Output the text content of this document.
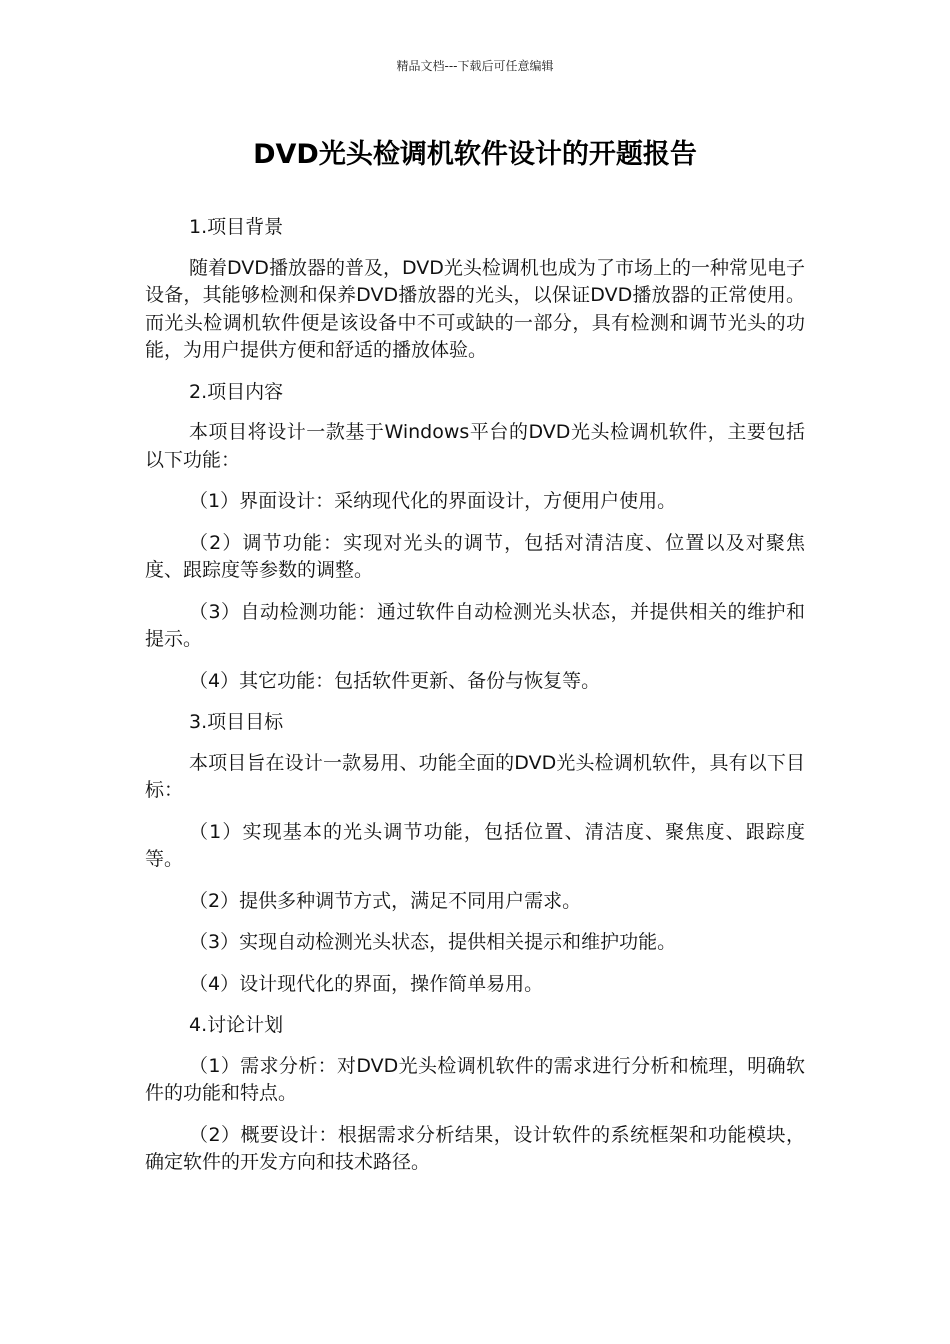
精品文档---下载后可任意编辑
DVD光头检调机软件设计的开题报告

1.项目背景

随着DVD播放器的普及，DVD光头检调机也成为了市场上的一种常见电子设备，其能够检测和保养DVD播放器的光头，以保证DVD播放器的正常使用。而光头检调机软件便是该设备中不可或缺的一部分，具有检测和调节光头的功能，为用户提供方便和舒适的播放体验。

2.项目内容

本项目将设计一款基于Windows平台的DVD光头检调机软件，主要包括以下功能：

（1）界面设计：采纳现代化的界面设计，方便用户使用。

（2）调节功能：实现对光头的调节，包括对清洁度、位置以及对聚焦度、跟踪度等参数的调整。

（3）自动检测功能：通过软件自动检测光头状态，并提供相关的维护和提示。

（4）其它功能：包括软件更新、备份与恢复等。

3.项目目标

本项目旨在设计一款易用、功能全面的DVD光头检调机软件，具有以下目标：

（1）实现基本的光头调节功能，包括位置、清洁度、聚焦度、跟踪度等。

（2）提供多种调节方式，满足不同用户需求。

（3）实现自动检测光头状态，提供相关提示和维护功能。

（4）设计现代化的界面，操作简单易用。

4.讨论计划

（1）需求分析：对DVD光头检调机软件的需求进行分析和梳理，明确软件的功能和特点。

（2）概要设计：根据需求分析结果，设计软件的系统框架和功能模块，确定软件的开发方向和技术路径。
